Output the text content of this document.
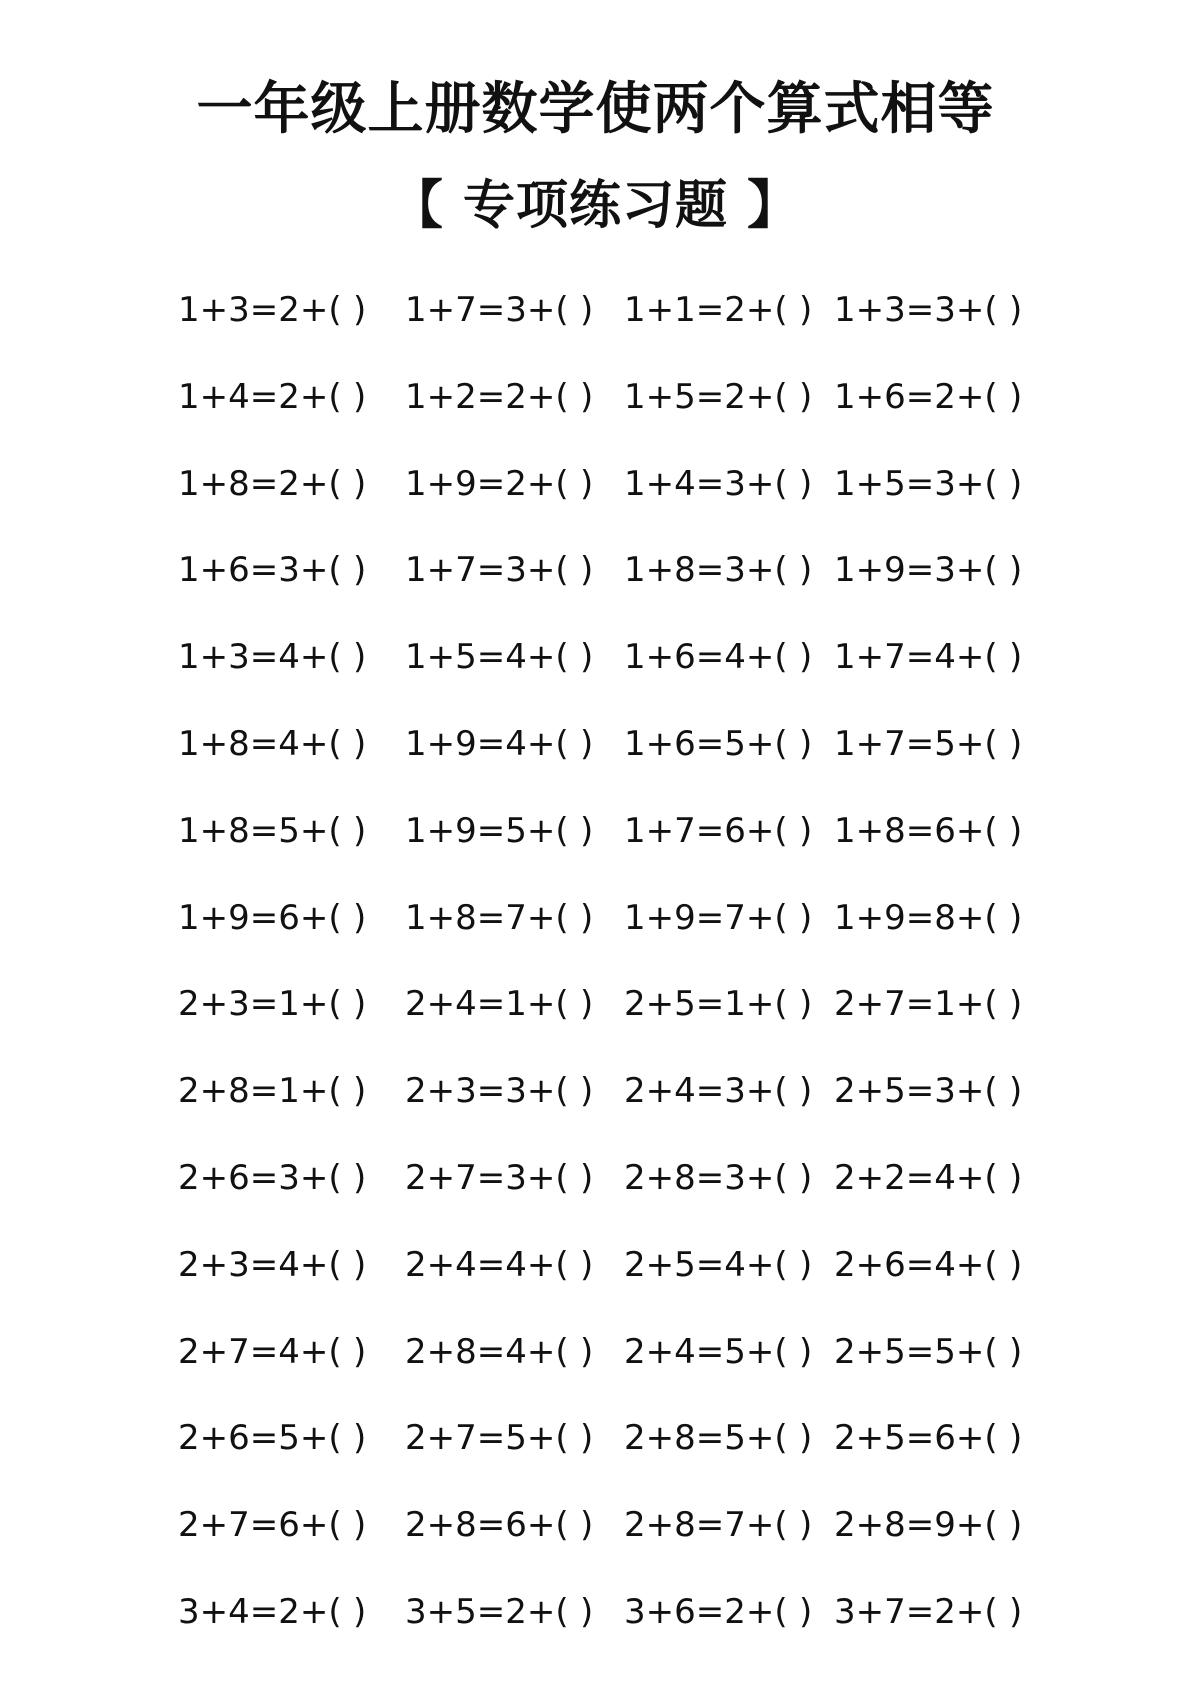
一年级上册数学使两个算式相等
【 专项练习题 】
1+3=2+( ) 1+7=3+( ) 1+1=2+( ) 1+3=3+( )
1+4=2+( ) 1+2=2+( ) 1+5=2+( ) 1+6=2+( )
1+8=2+( ) 1+9=2+( ) 1+4=3+( ) 1+5=3+( )
1+6=3+( ) 1+7=3+( ) 1+8=3+( ) 1+9=3+( )
1+3=4+( ) 1+5=4+( ) 1+6=4+( ) 1+7=4+( )
1+8=4+( ) 1+9=4+( ) 1+6=5+( ) 1+7=5+( )
1+8=5+( ) 1+9=5+( ) 1+7=6+( ) 1+8=6+( )
1+9=6+( ) 1+8=7+( ) 1+9=7+( ) 1+9=8+( )
2+3=1+( ) 2+4=1+( ) 2+5=1+( ) 2+7=1+( )
2+8=1+( ) 2+3=3+( ) 2+4=3+( ) 2+5=3+( )
2+6=3+( ) 2+7=3+( ) 2+8=3+( ) 2+2=4+( )
2+3=4+( ) 2+4=4+( ) 2+5=4+( ) 2+6=4+( )
2+7=4+( ) 2+8=4+( ) 2+4=5+( ) 2+5=5+( )
2+6=5+( ) 2+7=5+( ) 2+8=5+( ) 2+5=6+( )
2+7=6+( ) 2+8=6+( ) 2+8=7+( ) 2+8=9+( )
3+4=2+( ) 3+5=2+( ) 3+6=2+( ) 3+7=2+( )
